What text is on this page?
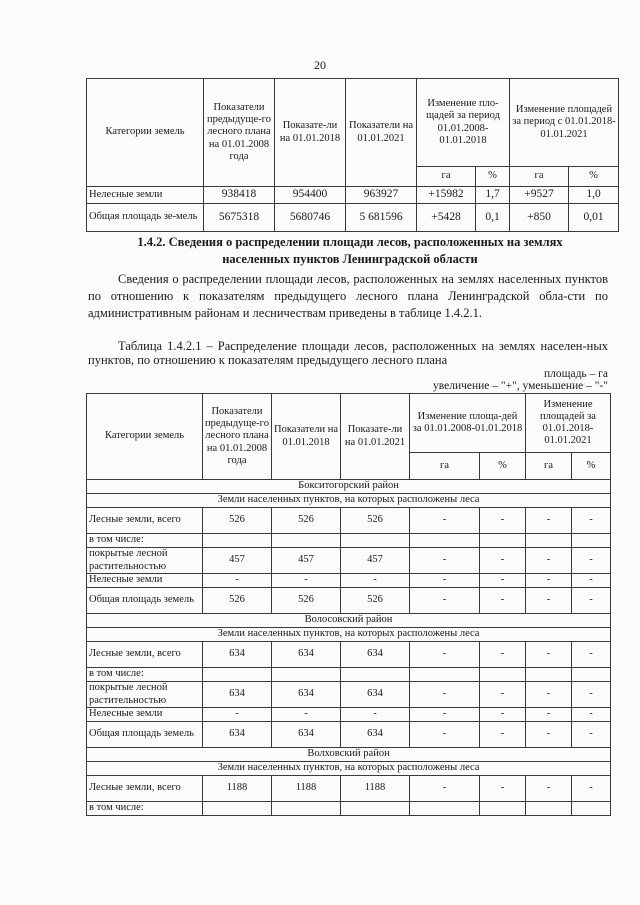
20
Категории земель	Показатели предыдуще-го лесного плана на 01.01.2008 года	Показате-ли на 01.01.2018	Показатели на 01.01.2021	Изменение пло-щадей за период 01.01.2008-01.01.2018		Изменение площадей за период с 01.01.2018-01.01.2021	
				га	%	га	%
Нелесные земли	938418	954400	963927	+15982	1,7	+9527	1,0
Общая площадь зе-мель	5675318	5680746	5 681596	+5428	0,1	+850	0,01
1.4.2. Сведения о распределении площади лесов, расположенных на землях
населенных пунктов Ленинградской области
Сведения о распределении площади лесов, расположенных на землях населенных пунктов по отношению к показателям предыдущего лесного плана Ленинградской обла-сти по административным районам и лесничествам приведены в таблице 1.4.2.1.
Таблица 1.4.2.1 – Распределение площади лесов, расположенных на землях населен-ных пунктов, по отношению к показателям предыдущего лесного плана
площадь – га
увеличение – "+", уменьшение – "-"
Категории земель	Показатели предыдуще-го лесного плана на 01.01.2008 года	Показатели на 01.01.2018	Показате-ли на 01.01.2021	Изменение площа-дей за 01.01.2008-01.01.2018		Изменение площадей за 01.01.2018-01.01.2021	
				га	%	га	%
Бокситогорский район							
Земли населенных пунктов, на которых расположены леса							
Лесные земли, всего	526	526	526	-	-	-	-
в том числе:							
покрытые лесной растительностью	457	457	457	-	-	-	-
Нелесные земли	-	-	-	-	-	-	-
Общая площадь земель	526	526	526	-	-	-	-
Волосовский район							
Земли населенных пунктов, на которых расположены леса							
Лесные земли, всего	634	634	634	-	-	-	-
в том числе:							
покрытые лесной растительностью	634	634	634	-	-	-	-
Нелесные земли	-	-	-	-	-	-	-
Общая площадь земель	634	634	634	-	-	-	-
Волховский район							
Земли населенных пунктов, на которых расположены леса							
Лесные земли, всего	1188	1188	1188	-	-	-	-
в том числе:							
